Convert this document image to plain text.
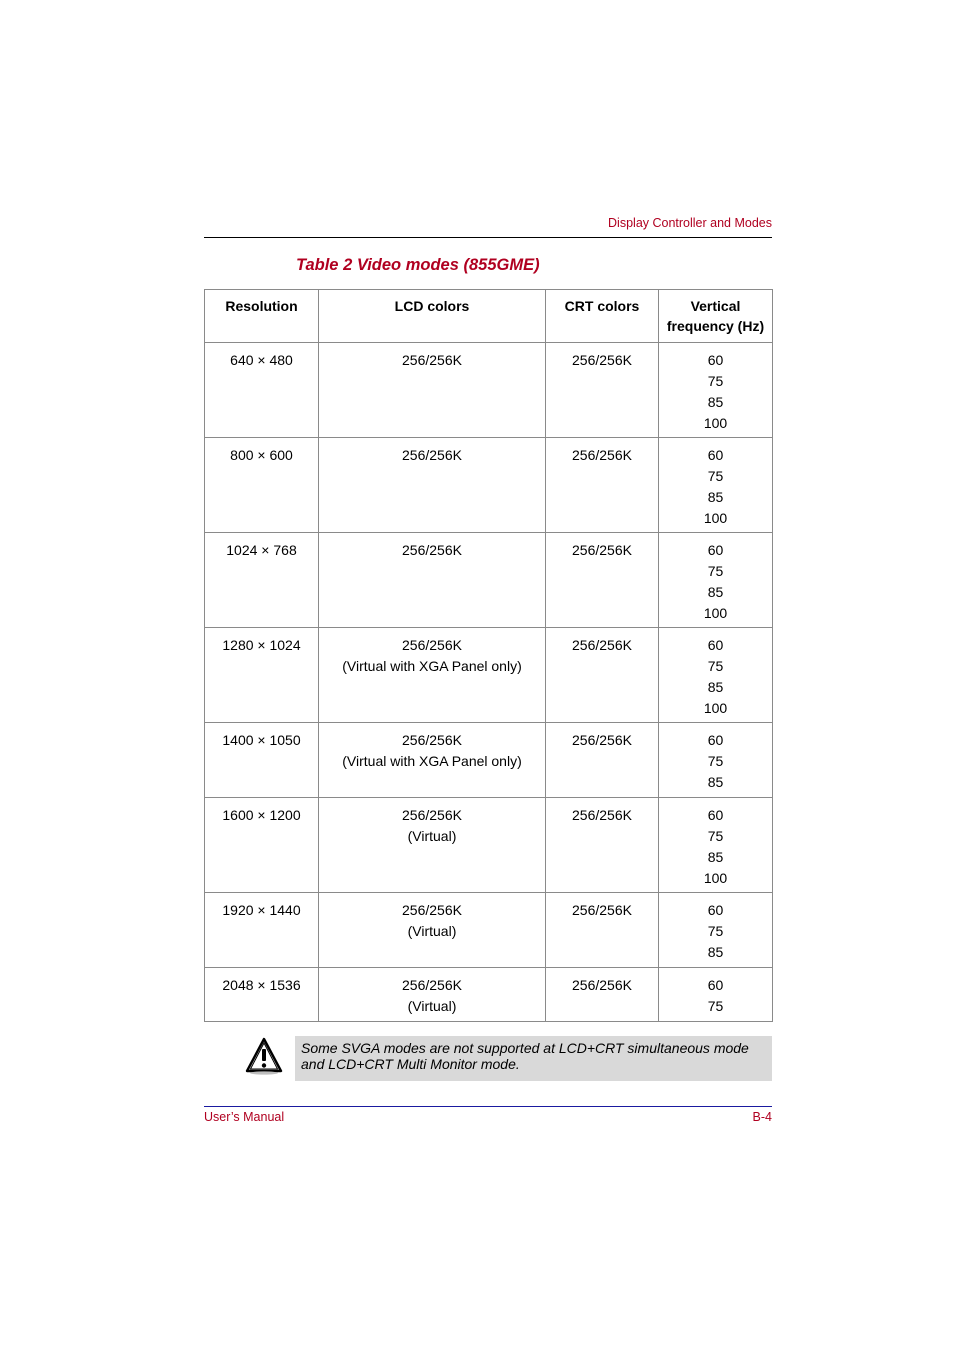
Display Controller and Modes
Table 2 Video modes (855GME)
Resolution	LCD colors	CRT colors	Vertical frequency (Hz)
640 × 480	256/256K	256/256K	60
75
85
100

800 × 600	256/256K	256/256K	60
75
85
100

1024 × 768	256/256K	256/256K	60
75
85
100

1280 × 1024	256/256K
(Virtual with XGA Panel only)	256/256K	60
75
85
100

1400 × 1050	256/256K
(Virtual with XGA Panel only)	256/256K	60
75
85

1600 × 1200	256/256K
(Virtual)	256/256K	60
75
85
100

1920 × 1440	256/256K
(Virtual)	256/256K	60
75
85

2048 × 1536	256/256K
(Virtual)	256/256K	60
75
Some SVGA modes are not supported at LCD+CRT simultaneous mode and LCD+CRT Multi Monitor mode.
User’s Manual	B-4
